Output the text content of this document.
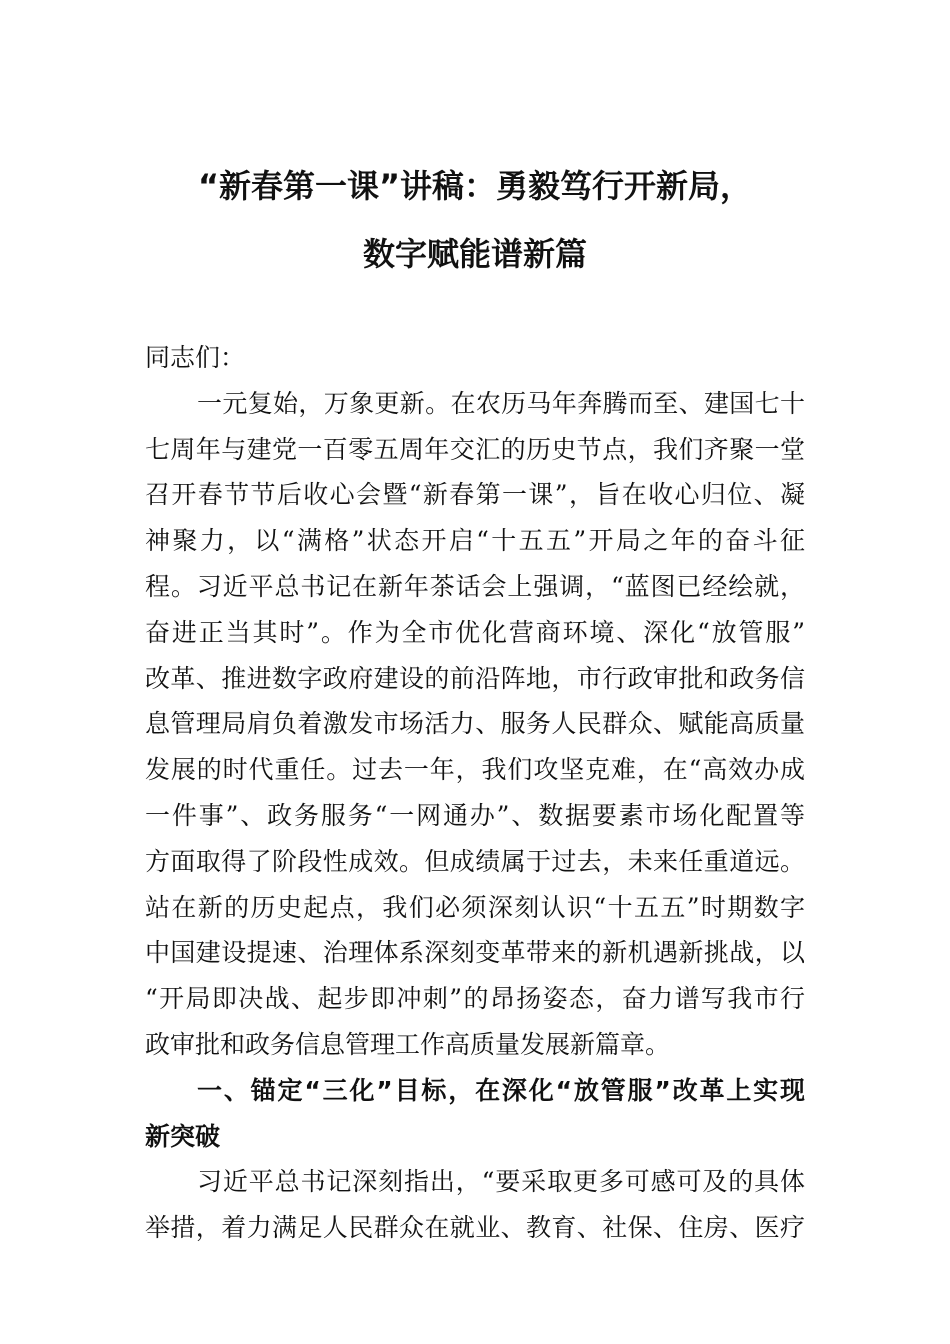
“新春第一课”讲稿：勇毅笃行开新局，
数字赋能谱新篇
同志们：
一元复始，万象更新。在农历马年奔腾而至、建国七十
七周年与建党一百零五周年交汇的历史节点，我们齐聚一堂
召开春节节后收心会暨“新春第一课”，旨在收心归位、凝
神聚力，以“满格”状态开启“十五五”开局之年的奋斗征
程。习近平总书记在新年茶话会上强调，“蓝图已经绘就，
奋进正当其时”。作为全市优化营商环境、深化“放管服”
改革、推进数字政府建设的前沿阵地，市行政审批和政务信
息管理局肩负着激发市场活力、服务人民群众、赋能高质量
发展的时代重任。过去一年，我们攻坚克难，在“高效办成
一件事”、政务服务“一网通办”、数据要素市场化配置等
方面取得了阶段性成效。但成绩属于过去，未来任重道远。
站在新的历史起点，我们必须深刻认识“十五五”时期数字
中国建设提速、治理体系深刻变革带来的新机遇新挑战，以
“开局即决战、起步即冲刺”的昂扬姿态，奋力谱写我市行
政审批和政务信息管理工作高质量发展新篇章。
一、锚定“三化”目标，在深化“放管服”改革上实现
新突破
习近平总书记深刻指出，“要采取更多可感可及的具体
举措，着力满足人民群众在就业、教育、社保、住房、医疗
